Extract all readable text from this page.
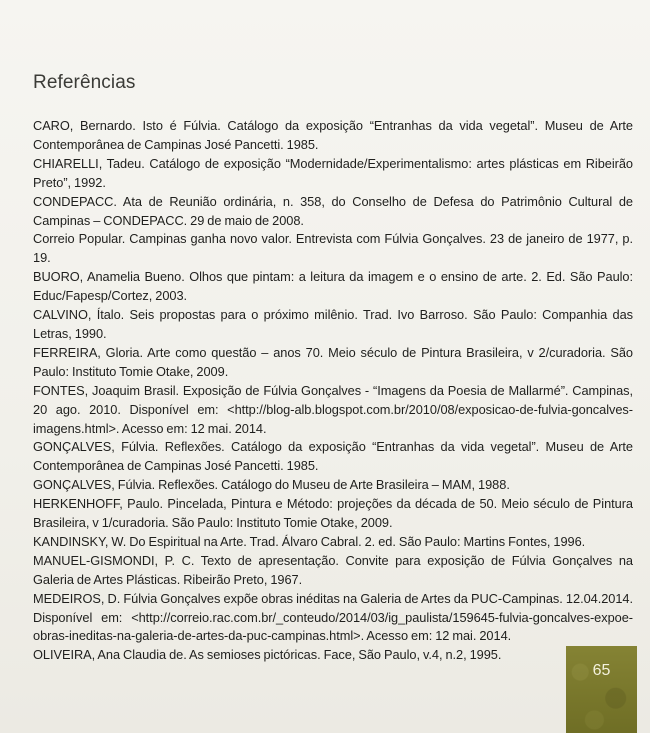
Referências
CARO, Bernardo. Isto é Fúlvia. Catálogo da exposição “Entranhas da vida vegetal”. Museu de Arte Contemporânea de Campinas José Pancetti. 1985.
CHIARELLI, Tadeu. Catálogo de exposição “Modernidade/Experimentalismo: artes plásticas em Ribeirão Preto”, 1992.
CONDEPACC. Ata de Reunião ordinária, n. 358, do Conselho de Defesa do Patrimônio Cultural de Campinas – CONDEPACC. 29 de maio de 2008.
Correio Popular. Campinas ganha novo valor. Entrevista com Fúlvia Gonçalves. 23 de janeiro de 1977, p. 19.
BUORO, Anamelia Bueno. Olhos que pintam: a leitura da imagem e o ensino de arte. 2. Ed. São Paulo: Educ/Fapesp/Cortez, 2003.
CALVINO, Ítalo. Seis propostas para o próximo milênio. Trad. Ivo Barroso. São Paulo: Companhia das Letras, 1990.
FERREIRA, Gloria. Arte como questão – anos 70. Meio século de Pintura Brasileira, v 2/curadoria. São Paulo: Instituto Tomie Otake, 2009.
FONTES, Joaquim Brasil. Exposição de Fúlvia Gonçalves - “Imagens da Poesia de Mallarmé”. Campinas, 20 ago. 2010. Disponível em: <http://blog-alb.blogspot.com.br/2010/08/exposicao-de-fulvia-goncalves-imagens.html>. Acesso em: 12 mai. 2014.
GONÇALVES, Fúlvia. Reflexões. Catálogo da exposição “Entranhas da vida vegetal”. Museu de Arte Contemporânea de Campinas José Pancetti. 1985.
GONÇALVES, Fúlvia. Reflexões. Catálogo do Museu de Arte Brasileira – MAM, 1988.
HERKENHOFF, Paulo. Pincelada, Pintura e Método: projeções da década de 50. Meio século de Pintura Brasileira, v 1/curadoria. São Paulo: Instituto Tomie Otake, 2009.
KANDINSKY, W. Do Espiritual na Arte. Trad. Álvaro Cabral. 2. ed. São Paulo: Martins Fontes, 1996.
MANUEL-GISMONDI, P. C. Texto de apresentação. Convite para exposição de Fúlvia Gonçalves na Galeria de Artes Plásticas. Ribeirão Preto, 1967.
MEDEIROS, D. Fúlvia Gonçalves expõe obras inéditas na Galeria de Artes da PUC-Campinas. 12.04.2014. Disponível em: <http://correio.rac.com.br/_conteudo/2014/03/ig_paulista/159645-fulvia-goncalves-expoe-obras-ineditas-na-galeria-de-artes-da-puc-campinas.html>. Acesso em: 12 mai. 2014.
OLIVEIRA, Ana Claudia de. As semioses pictóricas. Face, São Paulo, v.4, n.2, 1995.
65
